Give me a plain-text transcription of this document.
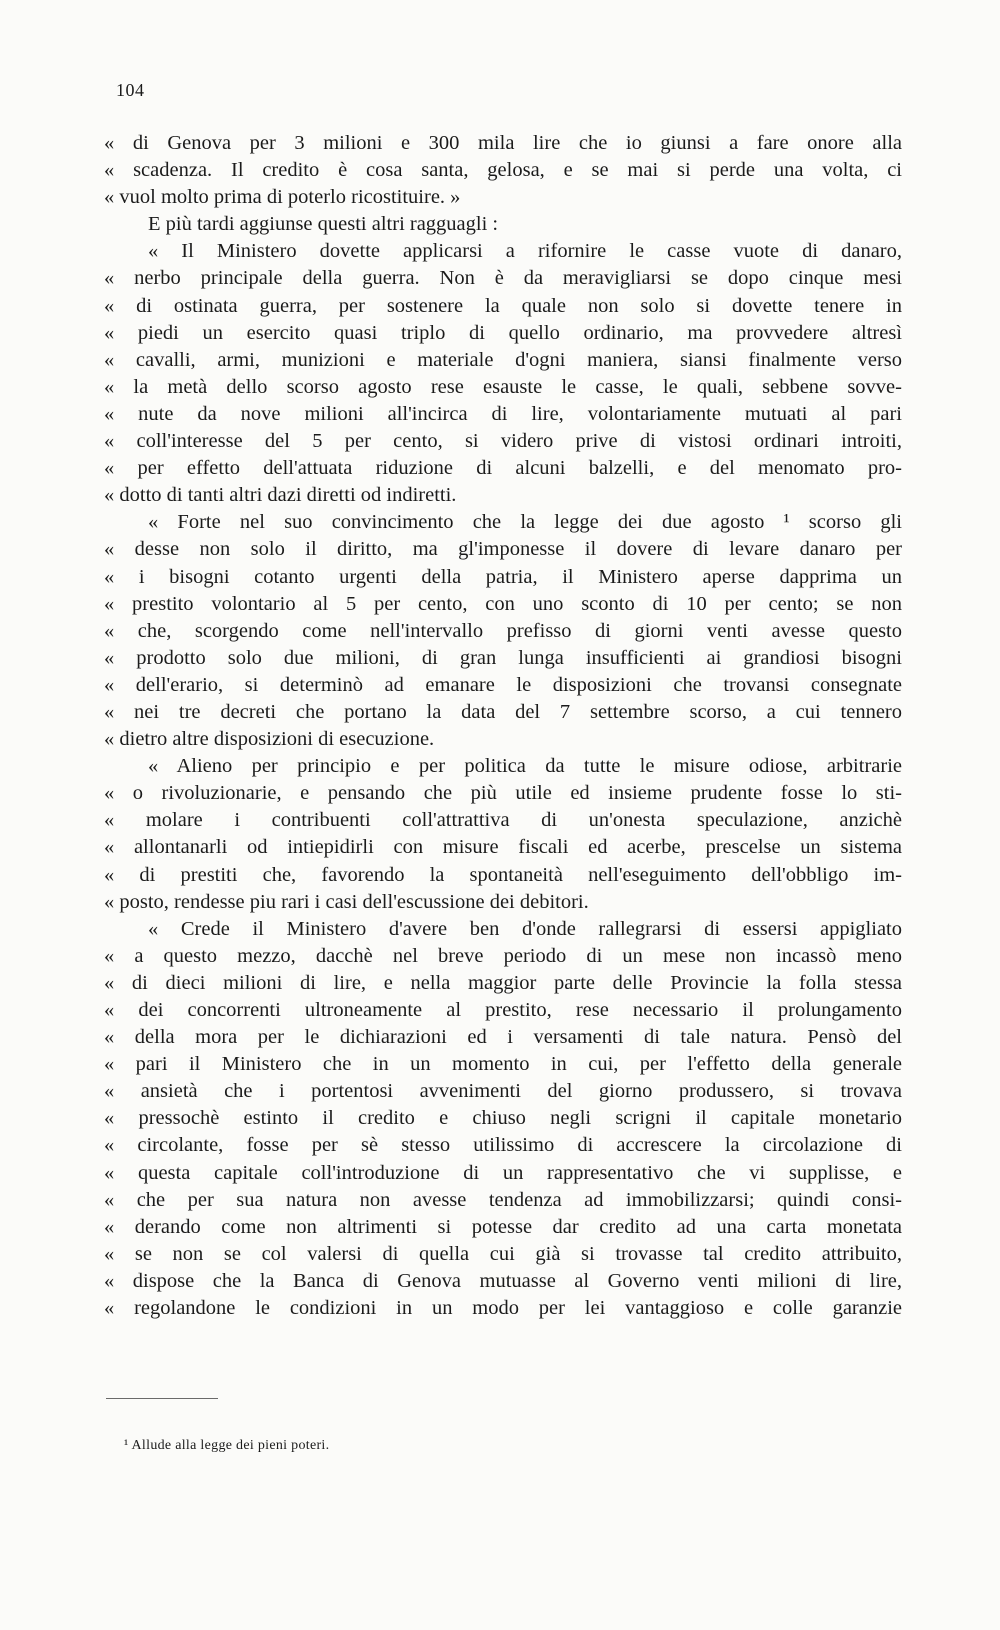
104
« di Genova per 3 milioni e 300 mila lire che io giunsi a fare onore alla
« scadenza. Il credito è cosa santa, gelosa, e se mai si perde una volta, ci
« vuol molto prima di poterlo ricostituire. »
E più tardi aggiunse questi altri ragguagli :
« Il Ministero dovette applicarsi a rifornire le casse vuote di danaro,
« nerbo principale della guerra. Non è da meravigliarsi se dopo cinque mesi
« di ostinata guerra, per sostenere la quale non solo si dovette tenere in
« piedi un esercito quasi triplo di quello ordinario, ma provvedere altresì
« cavalli, armi, munizioni e materiale d'ogni maniera, siansi finalmente verso
« la metà dello scorso agosto rese esauste le casse, le quali, sebbene sovve-
« nute da nove milioni all'incirca di lire, volontariamente mutuati al pari
« coll'interesse del 5 per cento, si videro prive di vistosi ordinari introiti,
« per effetto dell'attuata riduzione di alcuni balzelli, e del menomato pro-
« dotto di tanti altri dazi diretti od indiretti.
« Forte nel suo convincimento che la legge dei due agosto ¹ scorso gli
« desse non solo il diritto, ma gl'imponesse il dovere di levare danaro per
« i bisogni cotanto urgenti della patria, il Ministero aperse dapprima un
« prestito volontario al 5 per cento, con uno sconto di 10 per cento; se non
« che, scorgendo come nell'intervallo prefisso di giorni venti avesse questo
« prodotto solo due milioni, di gran lunga insufficienti ai grandiosi bisogni
« dell'erario, si determinò ad emanare le disposizioni che trovansi consegnate
« nei tre decreti che portano la data del 7 settembre scorso, a cui tennero
« dietro altre disposizioni di esecuzione.
« Alieno per principio e per politica da tutte le misure odiose, arbitrarie
« o rivoluzionarie, e pensando che più utile ed insieme prudente fosse lo sti-
« molare i contribuenti coll'attrattiva di un'onesta speculazione, anzichè
« allontanarli od intiepidirli con misure fiscali ed acerbe, prescelse un sistema
« di prestiti che, favorendo la spontaneità nell'eseguimento dell'obbligo im-
« posto, rendesse piu rari i casi dell'escussione dei debitori.
« Crede il Ministero d'avere ben d'onde rallegrarsi di essersi appigliato
« a questo mezzo, dacchè nel breve periodo di un mese non incassò meno
« di dieci milioni di lire, e nella maggior parte delle Provincie la folla stessa
« dei concorrenti ultroneamente al prestito, rese necessario il prolungamento
« della mora per le dichiarazioni ed i versamenti di tale natura. Pensò del
« pari il Ministero che in un momento in cui, per l'effetto della generale
« ansietà che i portentosi avvenimenti del giorno produssero, si trovava
« pressochè estinto il credito e chiuso negli scrigni il capitale monetario
« circolante, fosse per sè stesso utilissimo di accrescere la circolazione di
« questa capitale coll'introduzione di un rappresentativo che vi supplisse, e
« che per sua natura non avesse tendenza ad immobilizzarsi; quindi consi-
« derando come non altrimenti si potesse dar credito ad una carta monetata
« se non se col valersi di quella cui già si trovasse tal credito attribuito,
« dispose che la Banca di Genova mutuasse al Governo venti milioni di lire,
« regolandone le condizioni in un modo per lei vantaggioso e colle garanzie
¹ Allude alla legge dei pieni poteri.
